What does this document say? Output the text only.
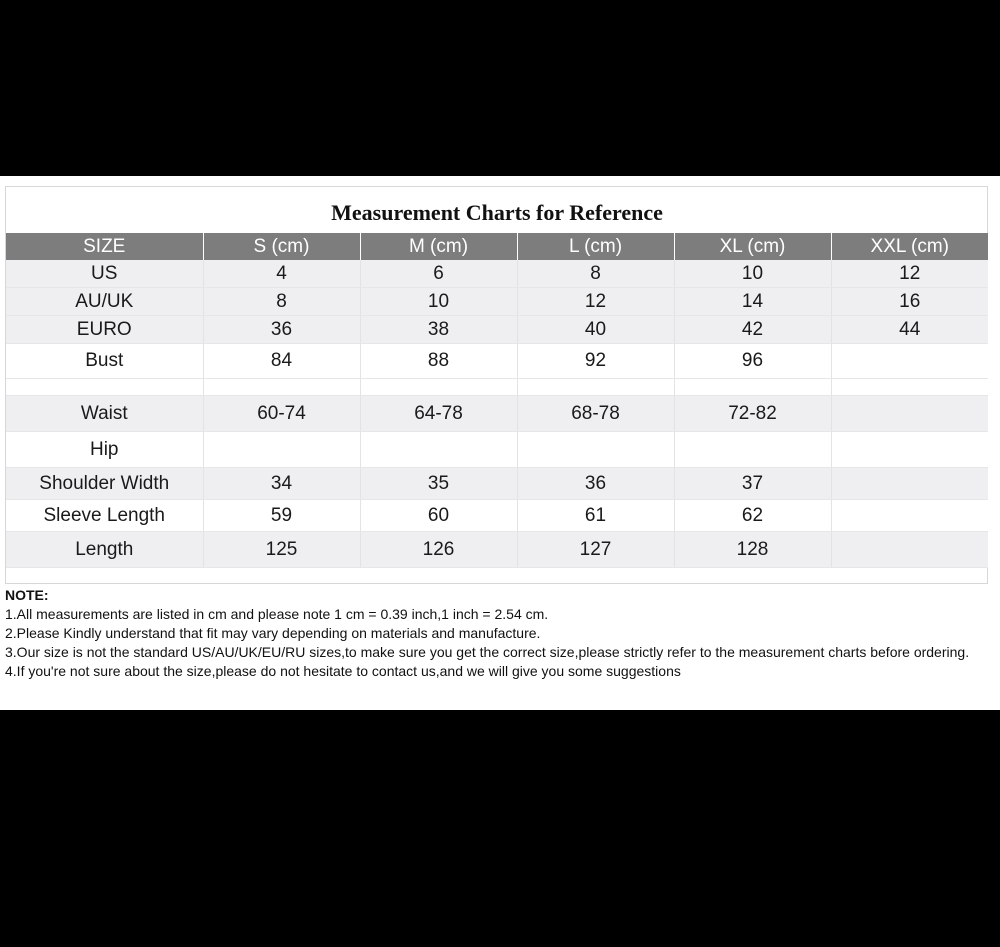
Measurement Charts for Reference
SIZE	S (cm)	M (cm)	L (cm)	XL (cm)	XXL (cm)
US	4	6	8	10	12
AU/UK	8	10	12	14	16
EURO	36	38	40	42	44
Bust	84	88	92	96	

Waist	60-74	64-78	68-78	72-82	
Hip					
Shoulder Width	34	35	36	37	
Sleeve Length	59	60	61	62	
Length	125	126	127	128	

NOTE:

1.All measurements are listed in cm and please note 1 cm = 0.39 inch,1 inch = 2.54 cm.

2.Please Kindly understand that fit may vary depending on materials and manufacture.

3.Our size is not the standard US/AU/UK/EU/RU sizes,to make sure you get the correct size,please strictly refer to the measurement charts before ordering.

4.If you're not sure about the size,please do not hesitate to contact us,and we will give you some suggestions
